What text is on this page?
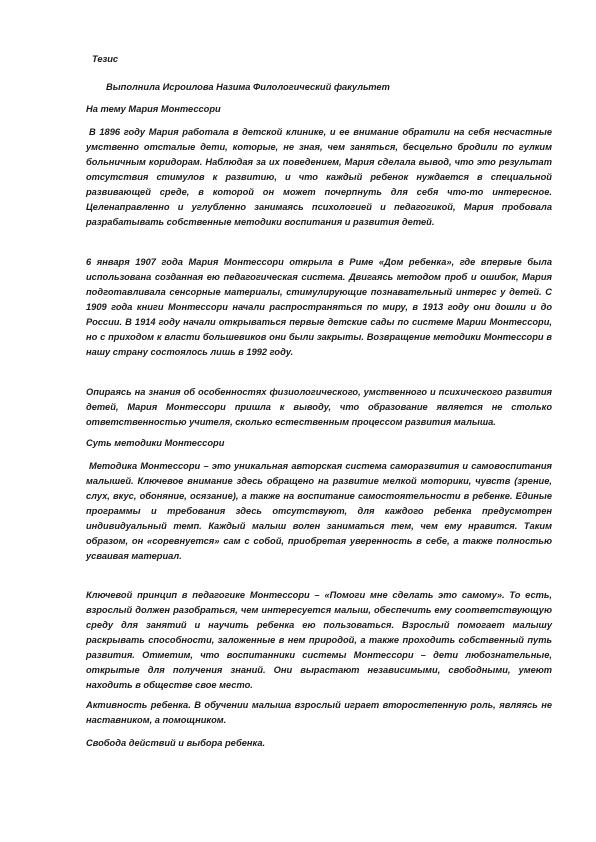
Тезис

Выполнила Исроилова Назима Филологический факультет

На тему Мария Монтессори

В 1896 году Мария работала в детской клинике, и ее внимание обратили на себя несчастные умственно отсталые дети, которые, не зная, чем заняться, бесцельно бродили по гулким больничным коридорам. Наблюдая за их поведением, Мария сделала вывод, что это результат отсутствия стимулов к развитию, и что каждый ребенок нуждается в специальной развивающей среде, в которой он может почерпнуть для себя что-то интересное. Целенаправленно и углубленно занимаясь психологией и педагогикой, Мария пробовала разрабатывать собственные методики воспитания и развития детей.

6 января 1907 года Мария Монтессори открыла в Риме «Дом ребенка», где впервые была использована созданная ею педагогическая система. Двигаясь методом проб и ошибок, Мария подготавливала сенсорные материалы, стимулирующие познавательный интерес у детей. С 1909 года книги Монтессори начали распространяться по миру, в 1913 году они дошли и до России. В 1914 году начали открываться первые детские сады по системе Марии Монтессори, но с приходом к власти большевиков они были закрыты. Возвращение методики Монтессори в нашу страну состоялось лишь в 1992 году.

Опираясь на знания об особенностях физиологического, умственного и психического развития детей, Мария Монтессори пришла к выводу, что образование является не столько ответственностью учителя, сколько естественным процессом развития малыша.

Суть методики Монтессори

Методика Монтессори – это уникальная авторская система саморазвития и самовоспитания малышей. Ключевое внимание здесь обращено на развитие мелкой моторики, чувств (зрение, слух, вкус, обоняние, осязание), а также на воспитание самостоятельности в ребенке. Единые программы и требования здесь отсутствуют, для каждого ребенка предусмотрен индивидуальный темп. Каждый малыш волен заниматься тем, чем ему нравится. Таким образом, он «соревнуется» сам с собой, приобретая уверенность в себе, а также полностью усваивая материал.

Ключевой принцип в педагогике Монтессори – «Помоги мне сделать это самому». То есть, взрослый должен разобраться, чем интересуется малыш, обеспечить ему соответствующую среду для занятий и научить ребенка ею пользоваться. Взрослый помогает малышу раскрывать способности, заложенные в нем природой, а также проходить собственный путь развития. Отметим, что воспитанники системы Монтессори – дети любознательные, открытые для получения знаний. Они вырастают независимыми, свободными, умеют находить в обществе свое место.

Активность ребенка. В обучении малыша взрослый играет второстепенную роль, являясь не наставником, а помощником.

Свобода действий и выбора ребенка.
